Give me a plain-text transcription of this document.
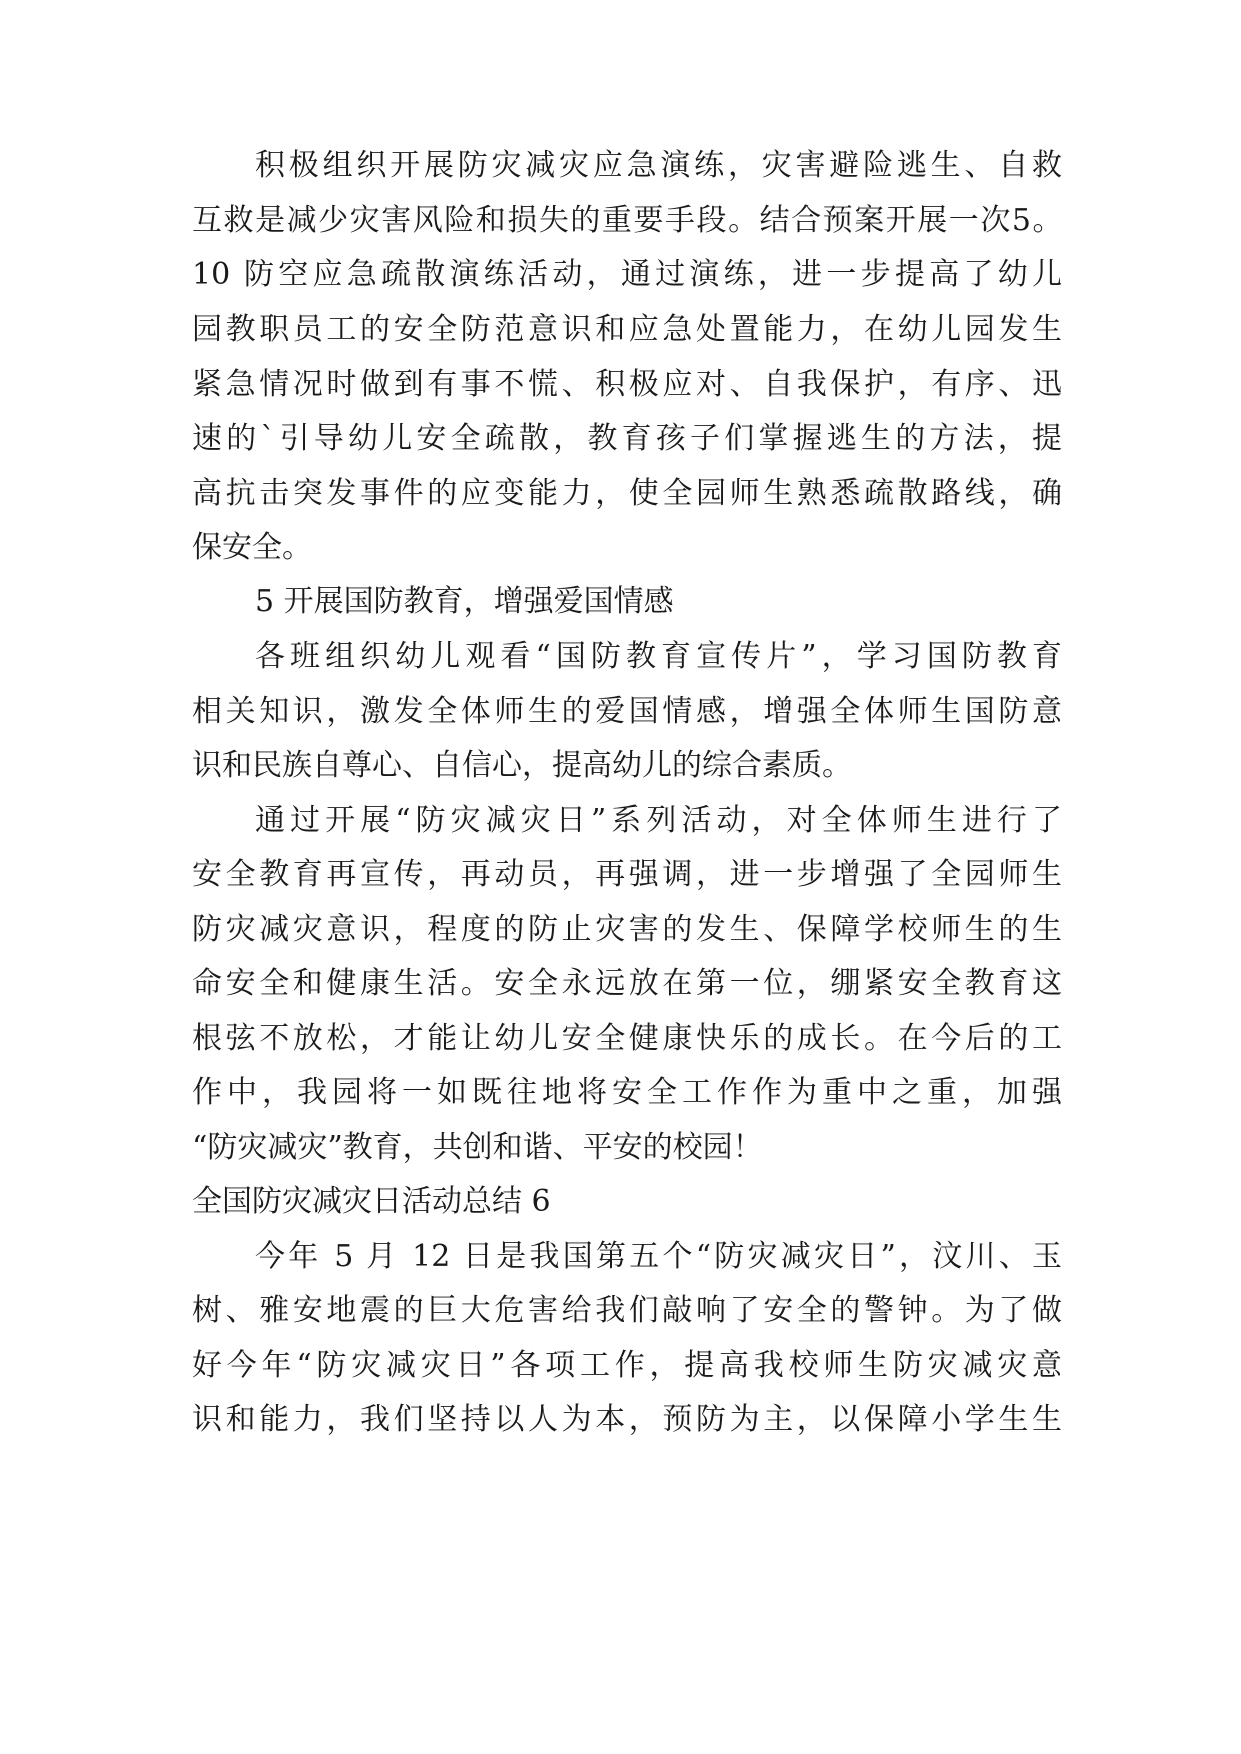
积极组织开展防灾减灾应急演练，灾害避险逃生、自救
互救是减少灾害风险和损失的重要手段。结合预案开展一次5。
10 防空应急疏散演练活动，通过演练，进一步提高了幼儿
园教职员工的安全防范意识和应急处置能力，在幼儿园发生
紧急情况时做到有事不慌、积极应对、自我保护，有序、迅
速的`引导幼儿安全疏散，教育孩子们掌握逃生的方法，提
高抗击突发事件的应变能力，使全园师生熟悉疏散路线，确
保安全。
5 开展国防教育，增强爱国情感
各班组织幼儿观看“国防教育宣传片”，学习国防教育
相关知识，激发全体师生的爱国情感，增强全体师生国防意
识和民族自尊心、自信心，提高幼儿的综合素质。
通过开展“防灾减灾日”系列活动，对全体师生进行了
安全教育再宣传，再动员，再强调，进一步增强了全园师生
防灾减灾意识，程度的防止灾害的发生、保障学校师生的生
命安全和健康生活。安全永远放在第一位，绷紧安全教育这
根弦不放松，才能让幼儿安全健康快乐的成长。在今后的工
作中，我园将一如既往地将安全工作作为重中之重，加强
“防灾减灾”教育，共创和谐、平安的校园！
全国防灾减灾日活动总结 6
今年 5 月 12 日是我国第五个“防灾减灾日”，汶川、玉
树、雅安地震的巨大危害给我们敲响了安全的警钟。为了做
好今年“防灾减灾日”各项工作，提高我校师生防灾减灾意
识和能力，我们坚持以人为本，预防为主，以保障小学生生
